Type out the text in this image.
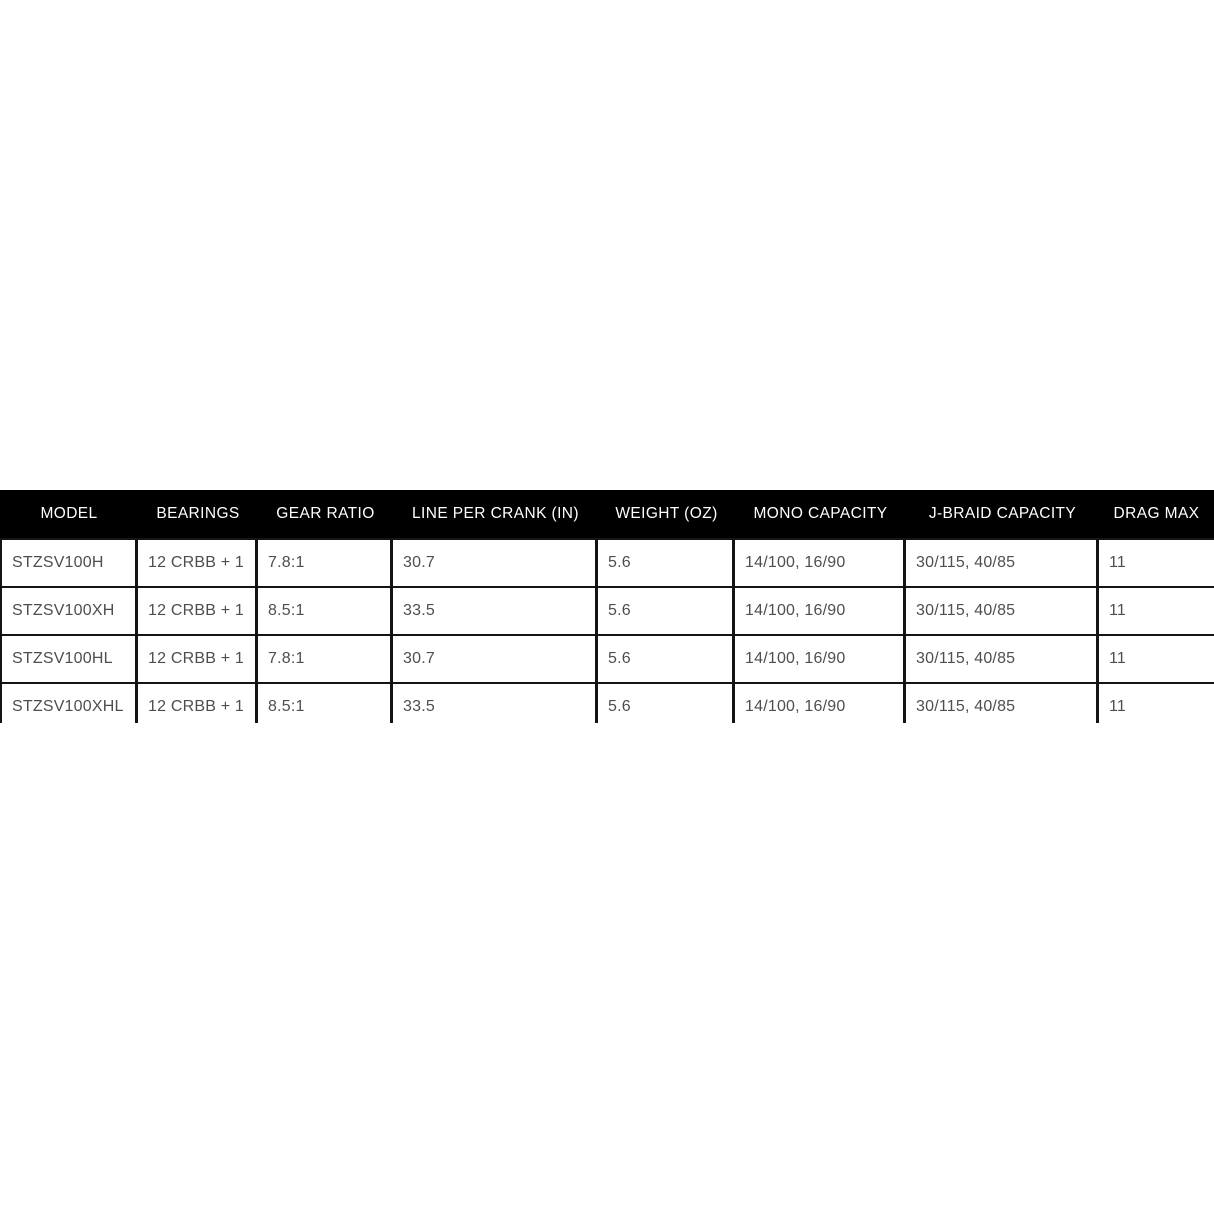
MODEL	BEARINGS	GEAR RATIO	LINE PER CRANK (IN)	WEIGHT (OZ)	MONO CAPACITY	J-BRAID CAPACITY	DRAG MAX
STZSV100H	12 CRBB + 1	7.8:1	30.7	5.6	14/100, 16/90	30/115, 40/85	11
STZSV100XH	12 CRBB + 1	8.5:1	33.5	5.6	14/100, 16/90	30/115, 40/85	11
STZSV100HL	12 CRBB + 1	7.8:1	30.7	5.6	14/100, 16/90	30/115, 40/85	11
STZSV100XHL	12 CRBB + 1	8.5:1	33.5	5.6	14/100, 16/90	30/115, 40/85	11
